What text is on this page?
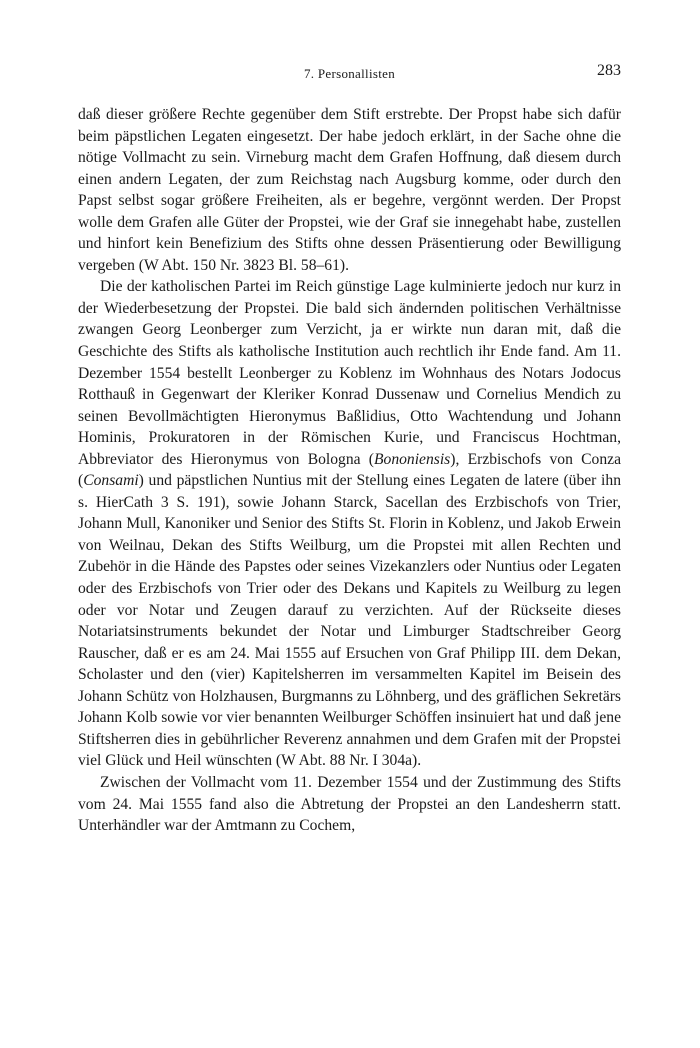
7. Personallisten	283

daß dieser größere Rechte gegenüber dem Stift erstrebte. Der Propst habe sich dafür beim päpstlichen Legaten eingesetzt. Der habe jedoch erklärt, in der Sache ohne die nötige Vollmacht zu sein. Virneburg macht dem Grafen Hoffnung, daß diesem durch einen andern Legaten, der zum Reichstag nach Augsburg komme, oder durch den Papst selbst sogar größere Freiheiten, als er begehre, vergönnt werden. Der Propst wolle dem Grafen alle Güter der Propstei, wie der Graf sie innegehabt habe, zustellen und hinfort kein Benefizium des Stifts ohne dessen Präsentierung oder Bewilligung vergeben (W Abt. 150 Nr. 3823 Bl. 58–61).

Die der katholischen Partei im Reich günstige Lage kulminierte jedoch nur kurz in der Wiederbesetzung der Propstei. Die bald sich ändernden politischen Verhältnisse zwangen Georg Leonberger zum Verzicht, ja er wirkte nun daran mit, daß die Geschichte des Stifts als katholische Institution auch rechtlich ihr Ende fand. Am 11. Dezember 1554 bestellt Leonberger zu Koblenz im Wohnhaus des Notars Jodocus Rotthauß in Gegenwart der Kleriker Konrad Dussenaw und Cornelius Mendich zu seinen Bevollmächtigten Hieronymus Baßlidius, Otto Wachtendung und Johann Hominis, Prokuratoren in der Römischen Kurie, und Franciscus Hochtman, Abbreviator des Hieronymus von Bologna (Bononiensis), Erzbischofs von Conza (Consami) und päpstlichen Nuntius mit der Stellung eines Legaten de latere (über ihn s. HierCath 3 S. 191), sowie Johann Starck, Sacellan des Erzbischofs von Trier, Johann Mull, Kanoniker und Senior des Stifts St. Florin in Koblenz, und Jakob Erwein von Weilnau, Dekan des Stifts Weilburg, um die Propstei mit allen Rechten und Zubehör in die Hände des Papstes oder seines Vizekanzlers oder Nuntius oder Legaten oder des Erzbischofs von Trier oder des Dekans und Kapitels zu Weilburg zu legen oder vor Notar und Zeugen darauf zu verzichten. Auf der Rückseite dieses Notariatsinstruments bekundet der Notar und Limburger Stadtschreiber Georg Rauscher, daß er es am 24. Mai 1555 auf Ersuchen von Graf Philipp III. dem Dekan, Scholaster und den (vier) Kapitelsherren im versammelten Kapitel im Beisein des Johann Schütz von Holzhausen, Burgmanns zu Löhnberg, und des gräflichen Sekretärs Johann Kolb sowie vor vier benannten Weilburger Schöffen insinuiert hat und daß jene Stiftsherren dies in gebührlicher Reverenz annahmen und dem Grafen mit der Propstei viel Glück und Heil wünschten (W Abt. 88 Nr. I 304a).

Zwischen der Vollmacht vom 11. Dezember 1554 und der Zustimmung des Stifts vom 24. Mai 1555 fand also die Abtretung der Propstei an den Landesherrn statt. Unterhändler war der Amtmann zu Cochem,
